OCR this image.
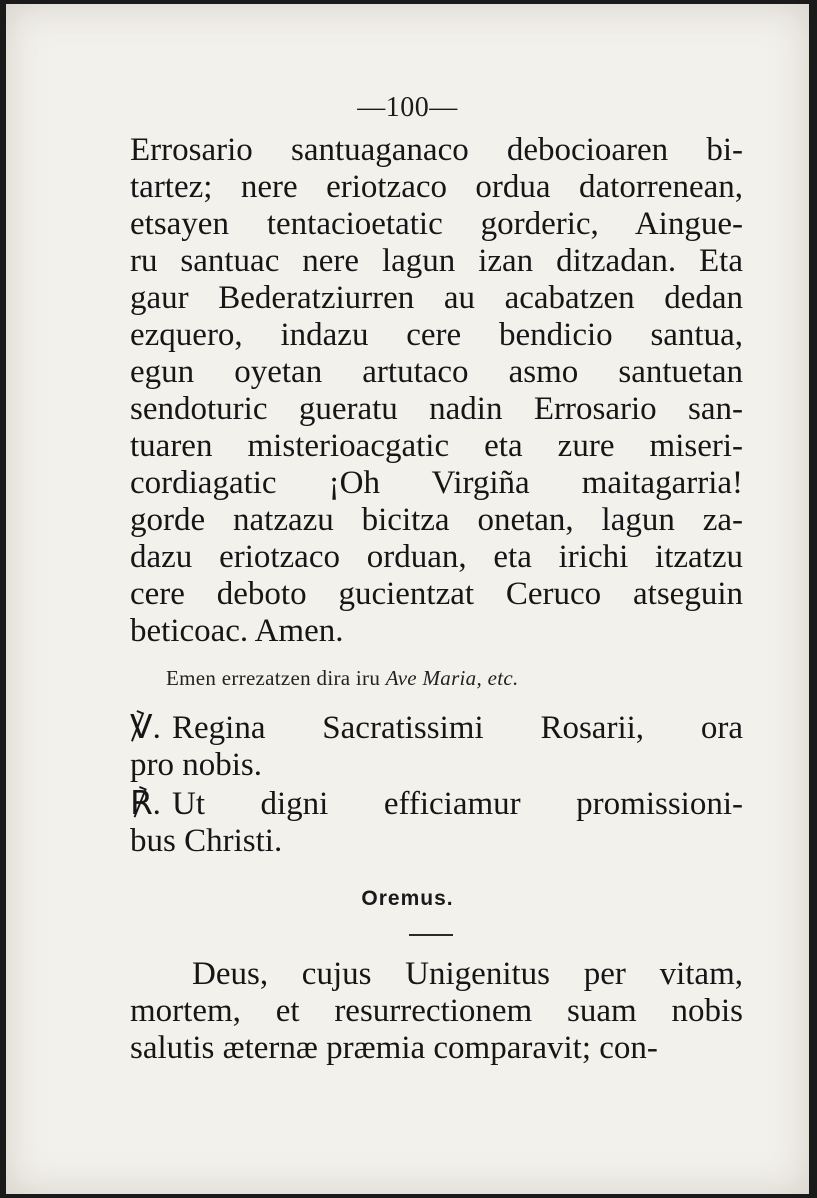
—100—
Errosario santuaganaco debocioaren bi-
tartez; nere eriotzaco ordua datorrenean,
etsayen tentacioetatic gorderic, Aingue-
ru santuac nere lagun izan ditzadan. Eta
gaur Bederatziurren au acabatzen dedan
ezquero, indazu cere bendicio santua,
egun oyetan artutaco asmo santuetan
sendoturic gueratu nadin Errosario san-
tuaren misterioacgatic eta zure miseri-
cordiagatic ¡Oh Virgiña maitagarria!
gorde natzazu bicitza onetan, lagun za-
dazu eriotzaco orduan, eta irichi itzatzu
cere deboto gucientzat Ceruco atseguin
beticoac. Amen.
Emen errezatzen dira iru Ave Maria, etc.
℣. Regina Sacratissimi Rosarii, ora
pro nobis.
℟. Ut digni efficiamur promissioni-
bus Christi.
Oremus.
Deus, cujus Unigenitus per vitam,
mortem, et resurrectionem suam nobis
salutis æternæ præmia comparavit; con-
